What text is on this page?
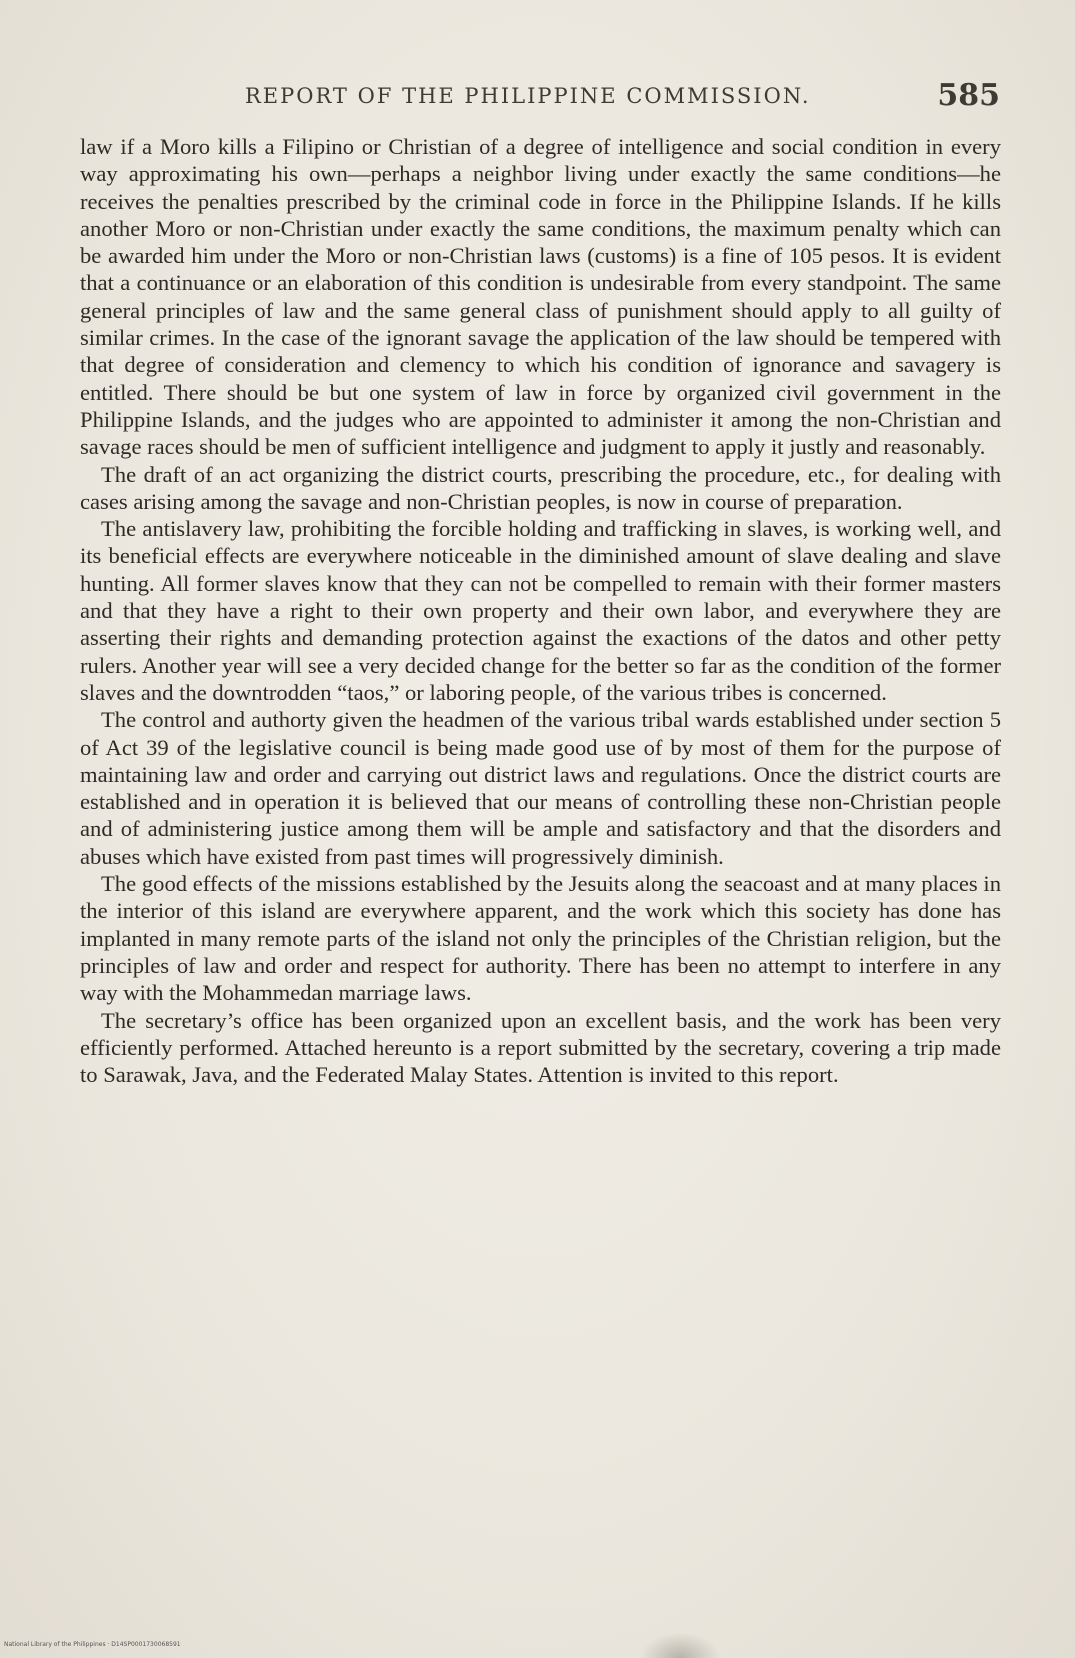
REPORT OF THE PHILIPPINE COMMISSION.	585

law if a Moro kills a Filipino or Christian of a degree of intelligence and social condition in every way approximating his own—perhaps a neighbor living under exactly the same conditions—he receives the penalties prescribed by the criminal code in force in the Philippine Islands. If he kills another Moro or non-Christian under exactly the same conditions, the maximum penalty which can be awarded him under the Moro or non-Christian laws (customs) is a fine of 105 pesos. It is evident that a continuance or an elaboration of this condition is undesirable from every standpoint. The same general principles of law and the same general class of punishment should apply to all guilty of similar crimes. In the case of the ignorant savage the application of the law should be tempered with that degree of consideration and clemency to which his condition of ignorance and savagery is entitled. There should be but one system of law in force by organized civil government in the Philippine Islands, and the judges who are appointed to administer it among the non-Christian and savage races should be men of sufficient intelligence and judgment to apply it justly and reasonably.

The draft of an act organizing the district courts, prescribing the procedure, etc., for dealing with cases arising among the savage and non-Christian peoples, is now in course of preparation.

The antislavery law, prohibiting the forcible holding and trafficking in slaves, is working well, and its beneficial effects are everywhere noticeable in the diminished amount of slave dealing and slave hunting. All former slaves know that they can not be compelled to remain with their former masters and that they have a right to their own property and their own labor, and everywhere they are asserting their rights and demanding protection against the exactions of the datos and other petty rulers. Another year will see a very decided change for the better so far as the condition of the former slaves and the downtrodden “taos,” or laboring people, of the various tribes is concerned.

The control and authorty given the headmen of the various tribal wards established under section 5 of Act 39 of the legislative council is being made good use of by most of them for the purpose of maintaining law and order and carrying out district laws and regulations. Once the district courts are established and in operation it is believed that our means of controlling these non-Christian people and of administering justice among them will be ample and satisfactory and that the disorders and abuses which have existed from past times will progressively diminish.

The good effects of the missions established by the Jesuits along the seacoast and at many places in the interior of this island are everywhere apparent, and the work which this society has done has implanted in many remote parts of the island not only the principles of the Christian religion, but the principles of law and order and respect for authority. There has been no attempt to interfere in any way with the Mohammedan marriage laws.

The secretary’s office has been organized upon an excellent basis, and the work has been very efficiently performed. Attached hereunto is a report submitted by the secretary, covering a trip made to Sarawak, Java, and the Federated Malay States. Attention is invited to this report.

National Library of the Philippines · D14SP0001730068591
